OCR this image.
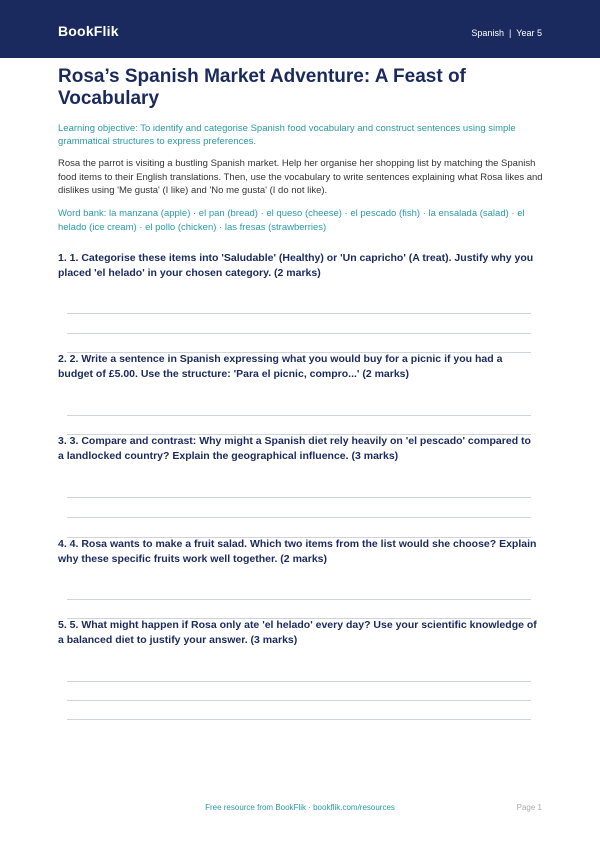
BookFlik	Spanish | Year 5
Rosa’s Spanish Market Adventure: A Feast of Vocabulary

Learning objective: To identify and categorise Spanish food vocabulary and construct sentences using simple grammatical structures to express preferences.

Rosa the parrot is visiting a bustling Spanish market. Help her organise her shopping list by matching the Spanish food items to their English translations. Then, use the vocabulary to write sentences explaining what Rosa likes and dislikes using 'Me gusta' (I like) and 'No me gusta' (I do not like).

Word bank: la manzana (apple) · el pan (bread) · el queso (cheese) · el pescado (fish) · la ensalada (salad) · el helado (ice cream) · el pollo (chicken) · las fresas (strawberries)

1. 1. Categorise these items into 'Saludable' (Healthy) or 'Un capricho' (A treat). Justify why you placed 'el helado' in your chosen category. (2 marks)

2. 2. Write a sentence in Spanish expressing what you would buy for a picnic if you had a budget of £5.00. Use the structure: 'Para el picnic, compro...' (2 marks)

3. 3. Compare and contrast: Why might a Spanish diet rely heavily on 'el pescado' compared to a landlocked country? Explain the geographical influence. (3 marks)

4. 4. Rosa wants to make a fruit salad. Which two items from the list would she choose? Explain why these specific fruits work well together. (2 marks)

5. 5. What might happen if Rosa only ate 'el helado' every day? Use your scientific knowledge of a balanced diet to justify your answer. (3 marks)

Free resource from BookFlik · bookflik.com/resources	Page 1
